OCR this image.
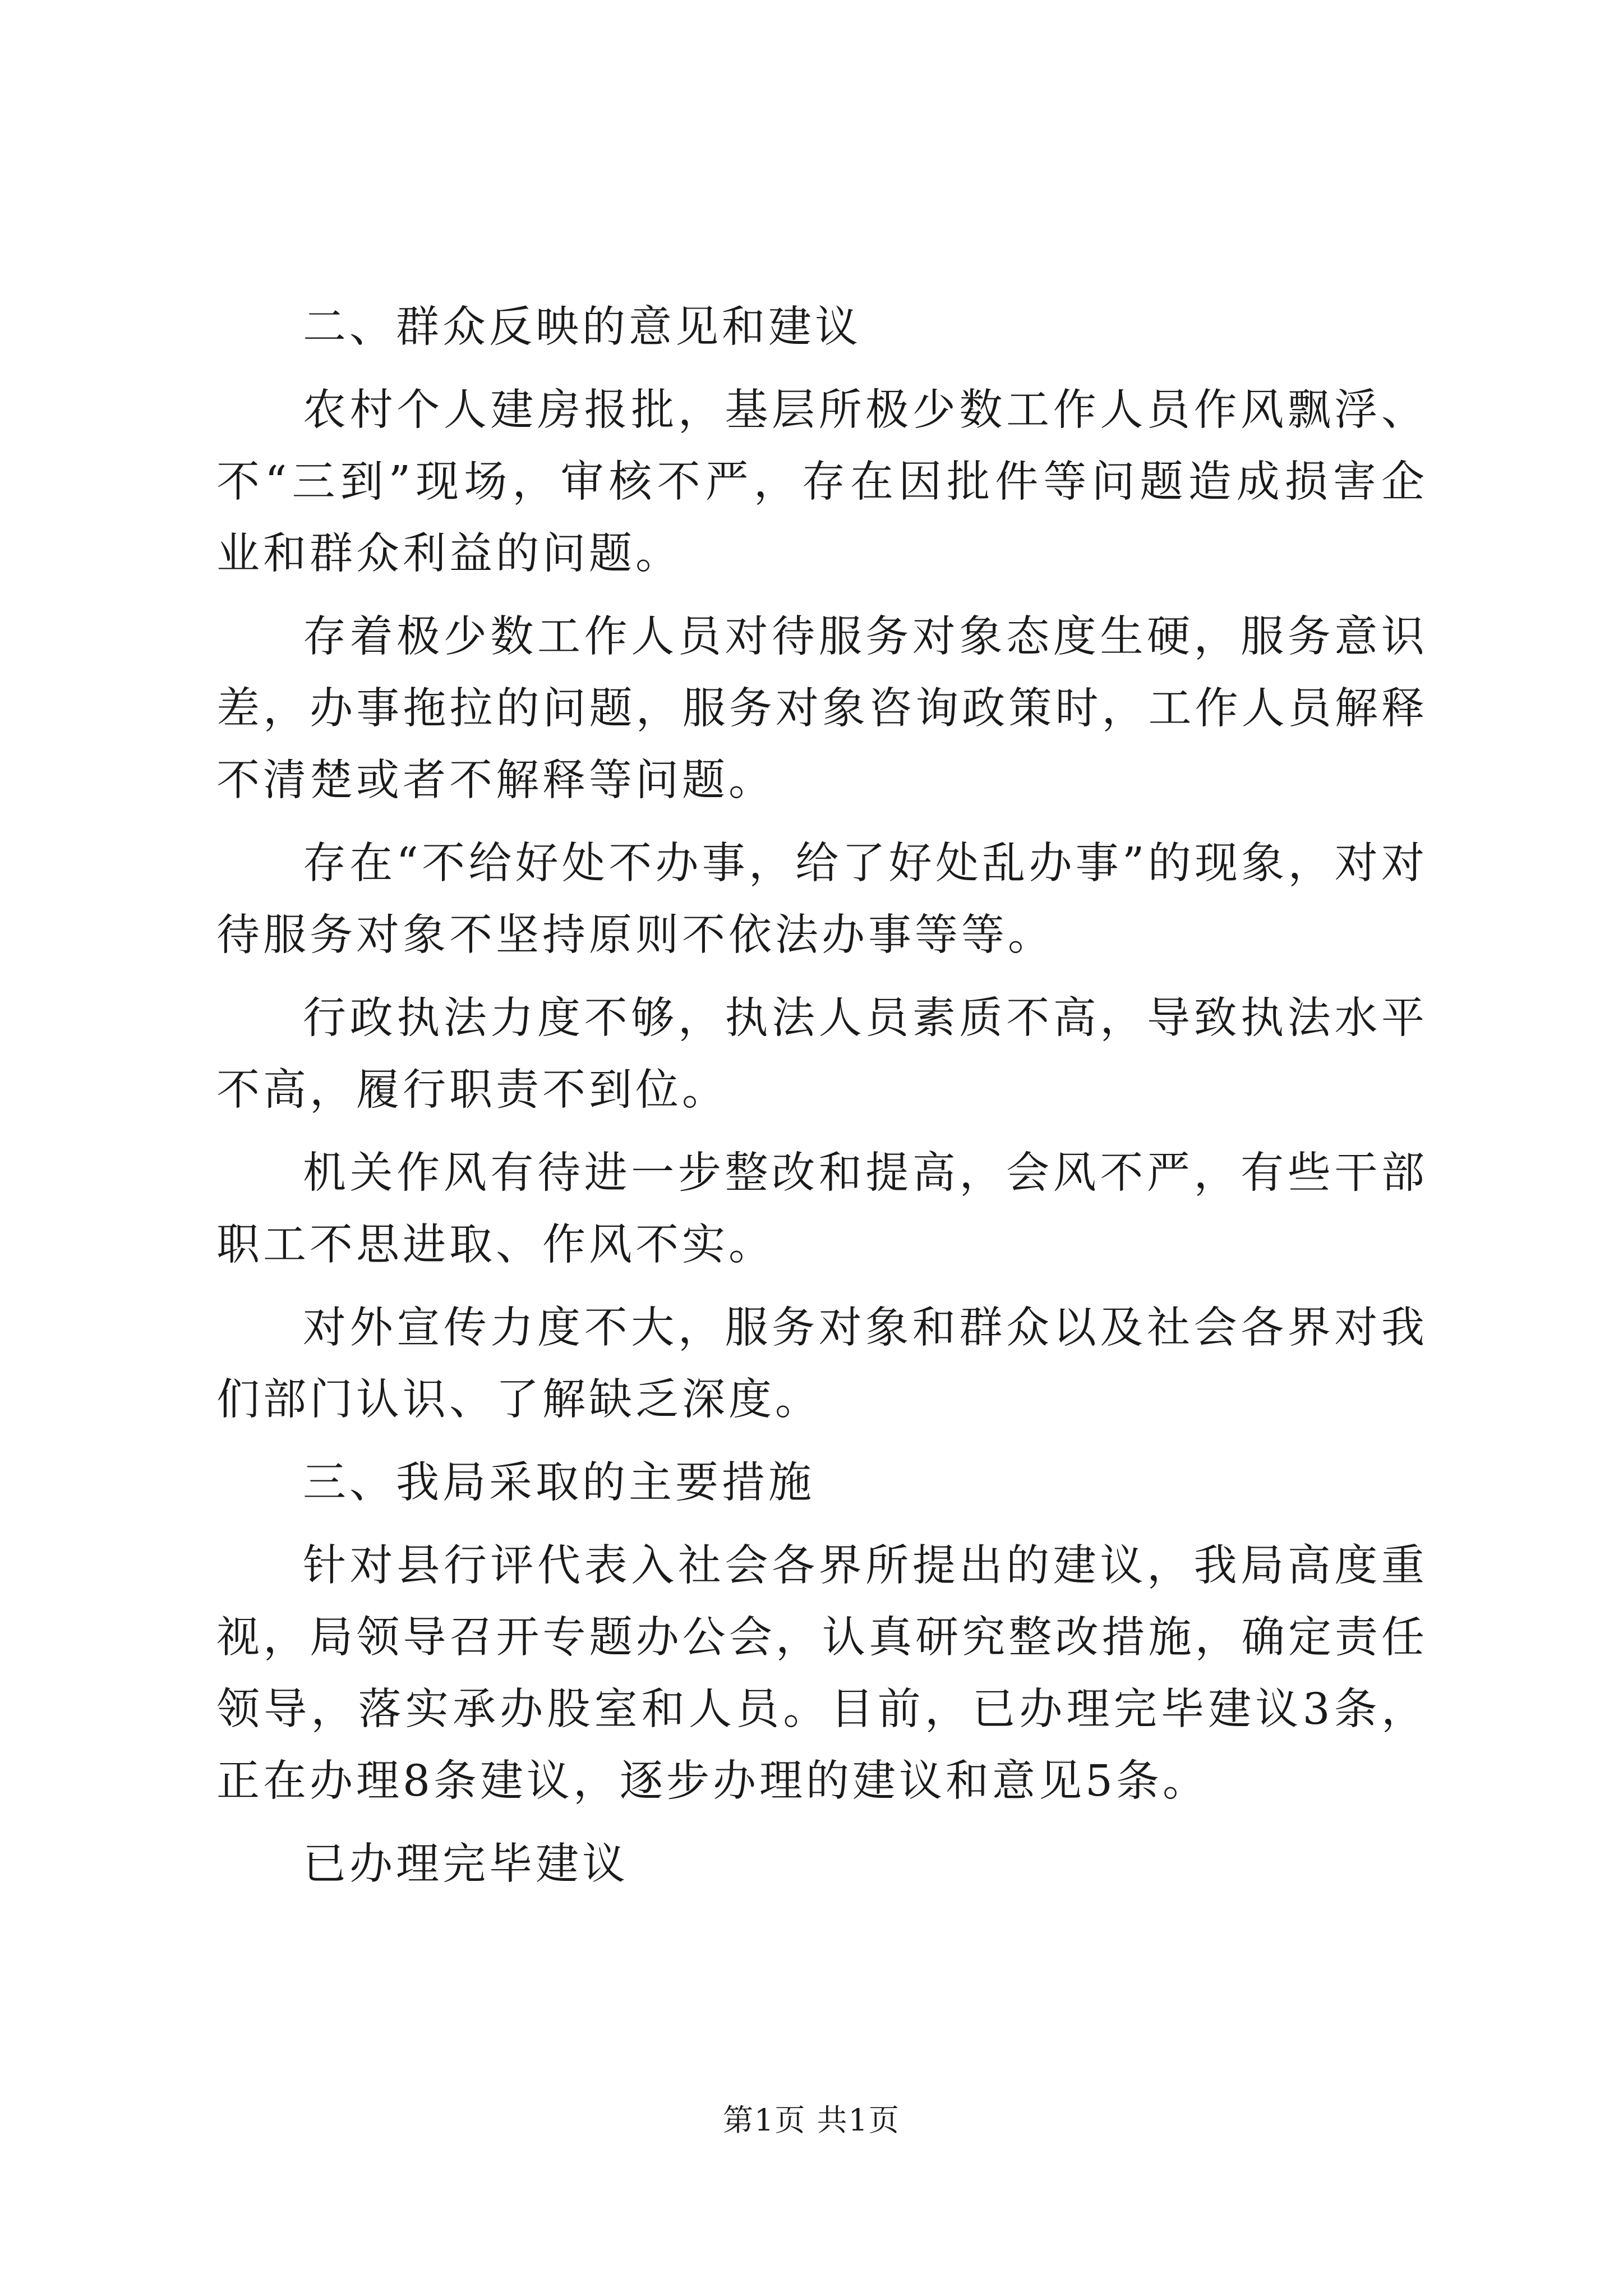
二、群众反映的意见和建议

农村个人建房报批，基层所极少数工作人员作风飘浮、不“三到”现场，审核不严，存在因批件等问题造成损害企业和群众利益的问题。

存着极少数工作人员对待服务对象态度生硬，服务意识差，办事拖拉的问题，服务对象咨询政策时，工作人员解释不清楚或者不解释等问题。

存在“不给好处不办事，给了好处乱办事”的现象，对对待服务对象不坚持原则不依法办事等等。

行政执法力度不够，执法人员素质不高，导致执法水平不高，履行职责不到位。

机关作风有待进一步整改和提高，会风不严，有些干部职工不思进取、作风不实。

对外宣传力度不大，服务对象和群众以及社会各界对我们部门认识、了解缺乏深度。

三、我局采取的主要措施

针对县行评代表入社会各界所提出的建议，我局高度重视，局领导召开专题办公会，认真研究整改措施，确定责任领导，落实承办股室和人员。目前，已办理完毕建议3条，正在办理8条建议，逐步办理的建议和意见5条。

已办理完毕建议

第1页 共1页
